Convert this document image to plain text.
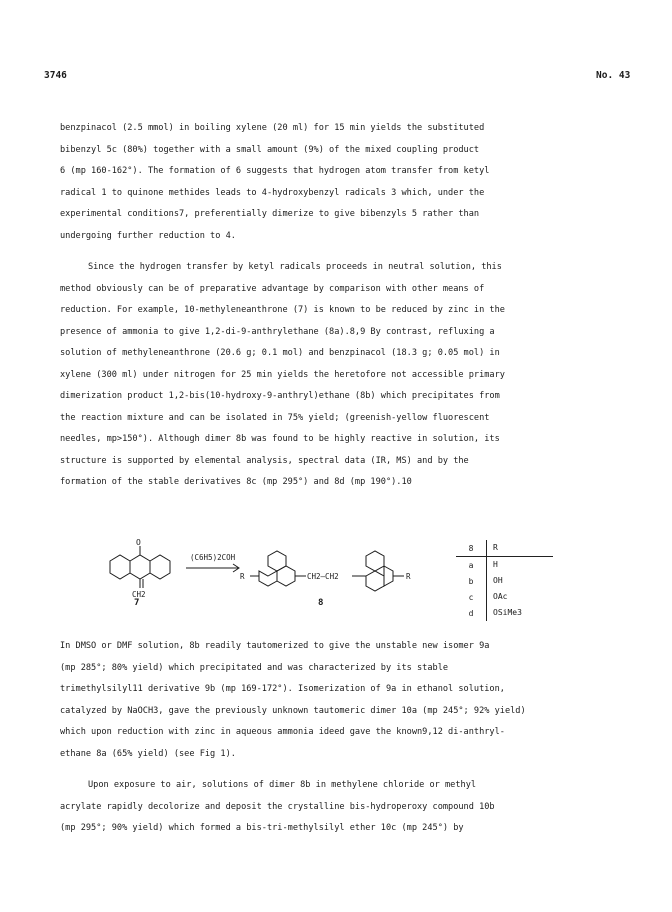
3746	No. 43
benzpinacol (2.5 mmol) in boiling xylene (20 ml) for 15 min yields the substituted
bibenzyl 5c (80%) together with a small amount (9%) of the mixed coupling product
6 (mp 160-162°). The formation of 6 suggests that hydrogen atom transfer from ketyl
radical 1 to quinone methides leads to 4-hydroxybenzyl radicals 3 which, under the
experimental conditions7, preferentially dimerize to give bibenzyls 5 rather than
undergoing further reduction to 4.
Since the hydrogen transfer by ketyl radicals proceeds in neutral solution, this
method obviously can be of preparative advantage by comparison with other means of
reduction. For example, 10-methyleneanthrone (7) is known to be reduced by zinc in the
presence of ammonia to give 1,2-di-9-anthrylethane (8a).8,9 By contrast, refluxing a
solution of methyleneanthrone (20.6 g; 0.1 mol) and benzpinacol (18.3 g; 0.05 mol) in
xylene (300 ml) under nitrogen for 25 min yields the heretofore not accessible primary
dimerization product 1,2-bis(10-hydroxy-9-anthryl)ethane (8b) which precipitates from
the reaction mixture and can be isolated in 75% yield; (greenish-yellow fluorescent
needles, mp>150°). Although dimer 8b was found to be highly reactive in solution, its
structure is supported by elemental analysis, spectral data (IR, MS) and by the
formation of the stable derivatives 8c (mp 295°) and 8d (mp 190°).10
O
CH2
(C6H5)2COH
R	CH2—CH2	R
7	8
8	R
a	H
b	OH
c	OAc
d	OSiMe3
In DMSO or DMF solution, 8b readily tautomerized to give the unstable new isomer 9a
(mp 285°; 80% yield) which precipitated and was characterized by its stable
trimethylsilyl11 derivative 9b (mp 169-172°). Isomerization of 9a in ethanol solution,
catalyzed by NaOCH3, gave the previously unknown tautomeric dimer 10a (mp 245°; 92% yield)
which upon reduction with zinc in aqueous ammonia ideed gave the known9,12 di-anthryl-
ethane 8a (65% yield) (see Fig 1).
Upon exposure to air, solutions of dimer 8b in methylene chloride or methyl
acrylate rapidly decolorize and deposit the crystalline bis-hydroperoxy compound 10b
(mp 295°; 90% yield) which formed a bis-tri-methylsilyl ether 10c (mp 245°) by
